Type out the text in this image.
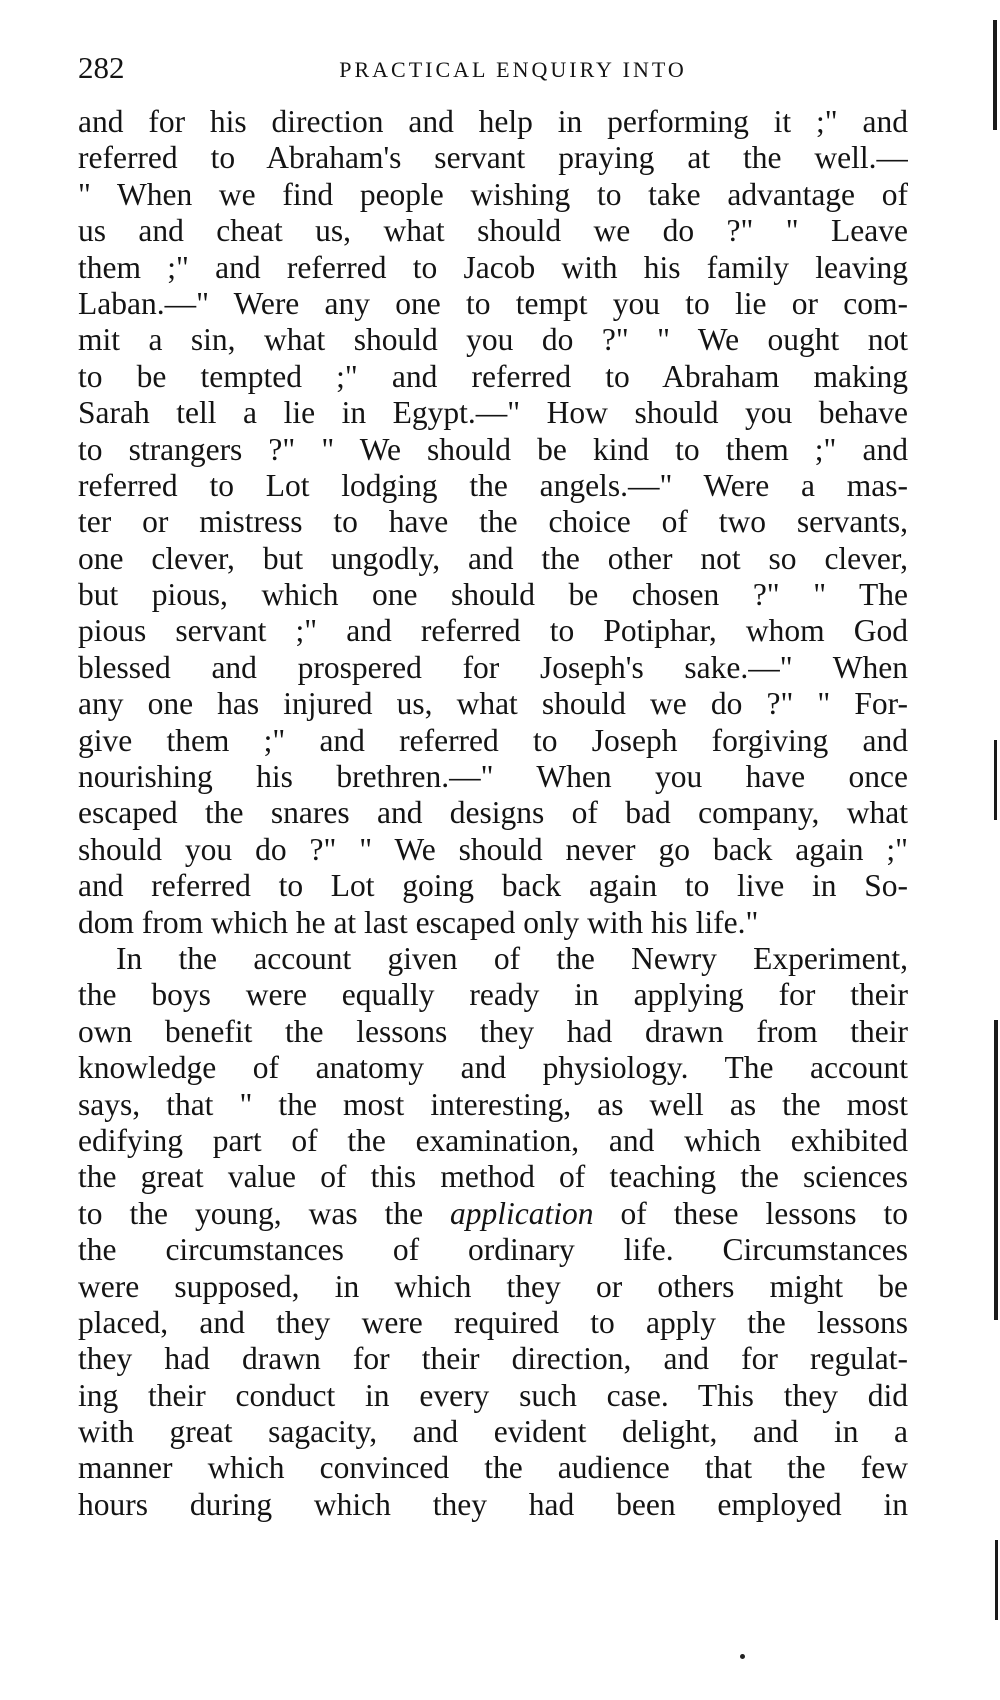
282	PRACTICAL ENQUIRY INTO
and for his direction and help in performing it ;" and
referred to Abraham's servant praying at the well.—
" When we find people wishing to take advantage of
us and cheat us, what should we do ?" " Leave
them ;" and referred to Jacob with his family leaving
Laban.—" Were any one to tempt you to lie or com-
mit a sin, what should you do ?" " We ought not
to be tempted ;" and referred to Abraham making
Sarah tell a lie in Egypt.—" How should you behave
to strangers ?" " We should be kind to them ;" and
referred to Lot lodging the angels.—" Were a mas-
ter or mistress to have the choice of two servants,
one clever, but ungodly, and the other not so clever,
but pious, which one should be chosen ?" " The
pious servant ;" and referred to Potiphar, whom God
blessed and prospered for Joseph's sake.—" When
any one has injured us, what should we do ?" " For-
give them ;" and referred to Joseph forgiving and
nourishing his brethren.—" When you have once
escaped the snares and designs of bad company, what
should you do ?" " We should never go back again ;"
and referred to Lot going back again to live in So-
dom from which he at last escaped only with his life."
In the account given of the Newry Experiment,
the boys were equally ready in applying for their
own benefit the lessons they had drawn from their
knowledge of anatomy and physiology. The account
says, that " the most interesting, as well as the most
edifying part of the examination, and which exhibited
the great value of this method of teaching the sciences
to the young, was the application of these lessons to
the circumstances of ordinary life. Circumstances
were supposed, in which they or others might be
placed, and they were required to apply the lessons
they had drawn for their direction, and for regulat-
ing their conduct in every such case. This they did
with great sagacity, and evident delight, and in a
manner which convinced the audience that the few
hours during which they had been employed in
